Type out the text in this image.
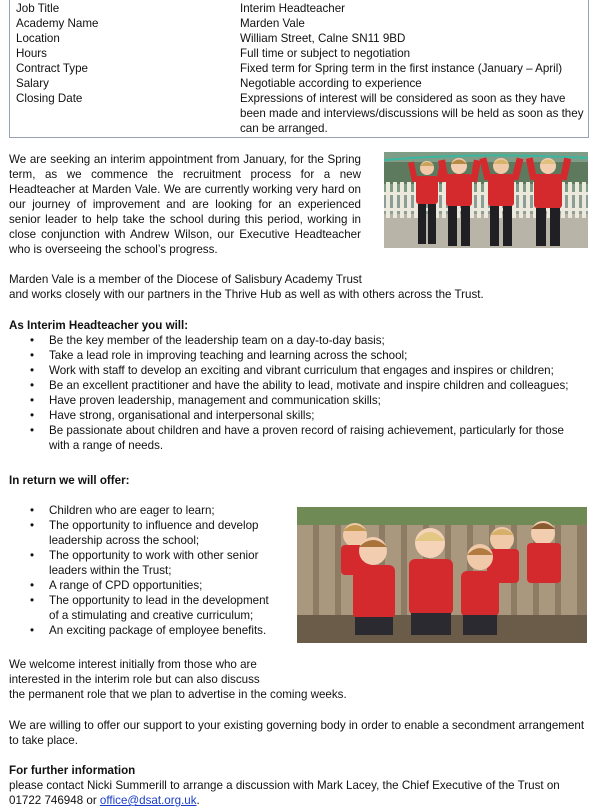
Job Title	Interim Headteacher
Academy Name	Marden Vale
Location	William Street, Calne SN11 9BD
Hours	Full time or subject to negotiation
Contract Type	Fixed term for Spring term in the first instance (January – April)
Salary	Negotiable according to experience
Closing Date	Expressions of interest will be considered as soon as they have been made and interviews/discussions will be held as soon as they can be arranged.

We are seeking an interim appointment from January, for the Spring term, as we commence the recruitment process for a new Headteacher at Marden Vale. We are currently working very hard on our journey of improvement and are looking for an experienced senior leader to help take the school during this period, working in close conjunction with Andrew Wilson, our Executive Headteacher who is overseeing the school’s progress.

Marden Vale is a member of the Diocese of Salisbury Academy Trust
and works closely with our partners in the Thrive Hub as well as with others across the Trust.

As Interim Headteacher you will:
• Be the key member of the leadership team on a day-to-day basis;
• Take a lead role in improving teaching and learning across the school;
• Work with staff to develop an exciting and vibrant curriculum that engages and inspires or children;
• Be an excellent practitioner and have the ability to lead, motivate and inspire children and colleagues;
• Have proven leadership, management and communication skills;
• Have strong, organisational and interpersonal skills;
• Be passionate about children and have a proven record of raising achievement, particularly for those with a range of needs.
In return we will offer:
• Children who are eager to learn;
• The opportunity to influence and develop leadership across the school;
• The opportunity to work with other senior leaders within the Trust;
• A range of CPD opportunities;
• The opportunity to lead in the development of a stimulating and creative curriculum;
• An exciting package of employee benefits.

We welcome interest initially from those who are
interested in the interim role but can also discuss
the permanent role that we plan to advertise in the coming weeks.

We are willing to offer our support to your existing governing body in order to enable a secondment arrangement to take place.

For further information

please contact Nicki Summerill to arrange a discussion with Mark Lacey, the Chief Executive of the Trust on 01722 746948 or office@dsat.org.uk.
